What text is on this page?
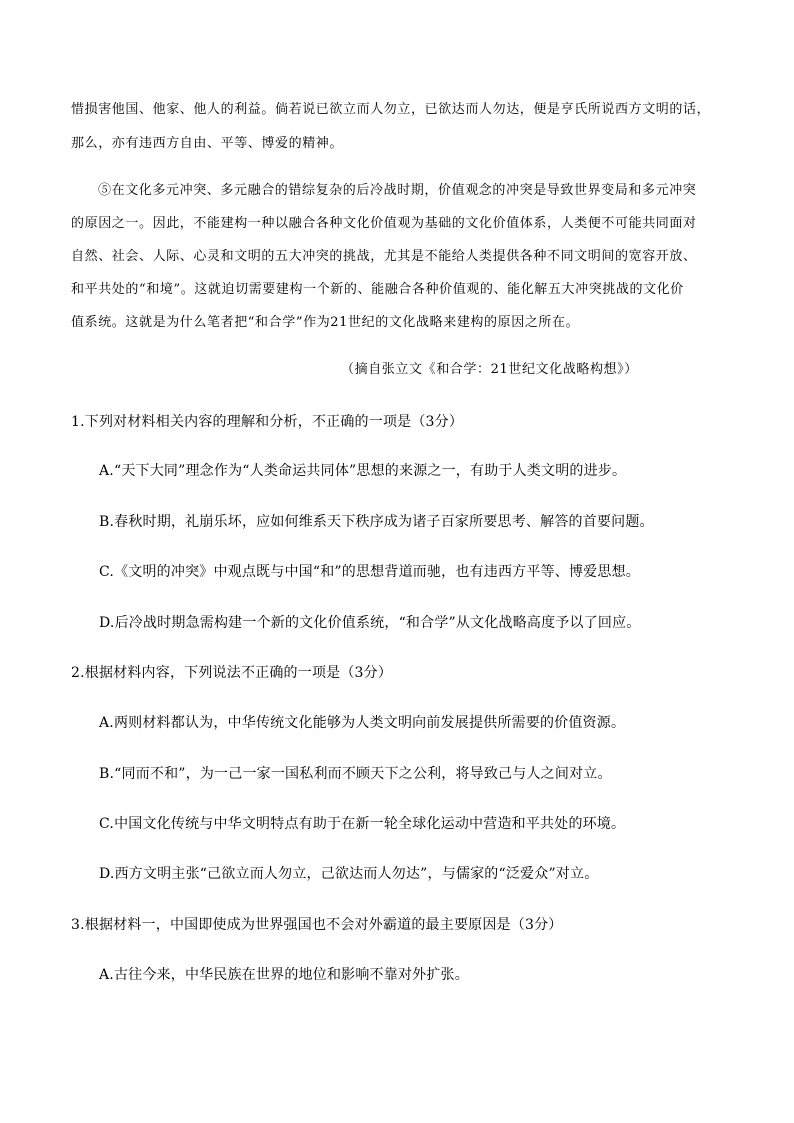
惜损害他国、他家、他人的利益。倘若说已欲立而人勿立，已欲达而人勿达，便是亨氏所说西方文明的话，
那么，亦有违西方自由、平等、博爱的精神。
⑤在文化多元冲突、多元融合的错综复杂的后冷战时期，价值观念的冲突是导致世界变局和多元冲突
的原因之一。因此，不能建构一种以融合各种文化价值观为基础的文化价值体系，人类便不可能共同面对
自然、社会、人际、心灵和文明的五大冲突的挑战，尤其是不能给人类提供各种不同文明间的宽容开放、
和平共处的“和境”。这就迫切需要建构一个新的、能融合各种价值观的、能化解五大冲突挑战的文化价
值系统。这就是为什么笔者把“和合学”作为21世纪的文化战略来建构的原因之所在。
（摘自张立文《和合学：21世纪文化战略构想》）
1.下列对材料相关内容的理解和分析，不正确的一项是（3分）
A.“天下大同”理念作为“人类命运共同体”思想的来源之一，有助于人类文明的进步。
B.春秋时期，礼崩乐坏，应如何维系天下秩序成为诸子百家所要思考、解答的首要问题。
C.《文明的冲突》中观点既与中国“和”的思想背道而驰，也有违西方平等、博爱思想。
D.后冷战时期急需构建一个新的文化价值系统，“和合学”从文化战略高度予以了回应。
2.根据材料内容，下列说法不正确的一项是（3分）
A.两则材料都认为，中华传统文化能够为人类文明向前发展提供所需要的价值资源。
B.“同而不和”，为一己一家一国私利而不顾天下之公利，将导致己与人之间对立。
C.中国文化传统与中华文明特点有助于在新一轮全球化运动中营造和平共处的环境。
D.西方文明主张“己欲立而人勿立，己欲达而人勿达”，与儒家的“泛爱众”对立。
3.根据材料一，中国即使成为世界强国也不会对外霸道的最主要原因是（3分）
A.古往今来，中华民族在世界的地位和影响不靠对外扩张。
